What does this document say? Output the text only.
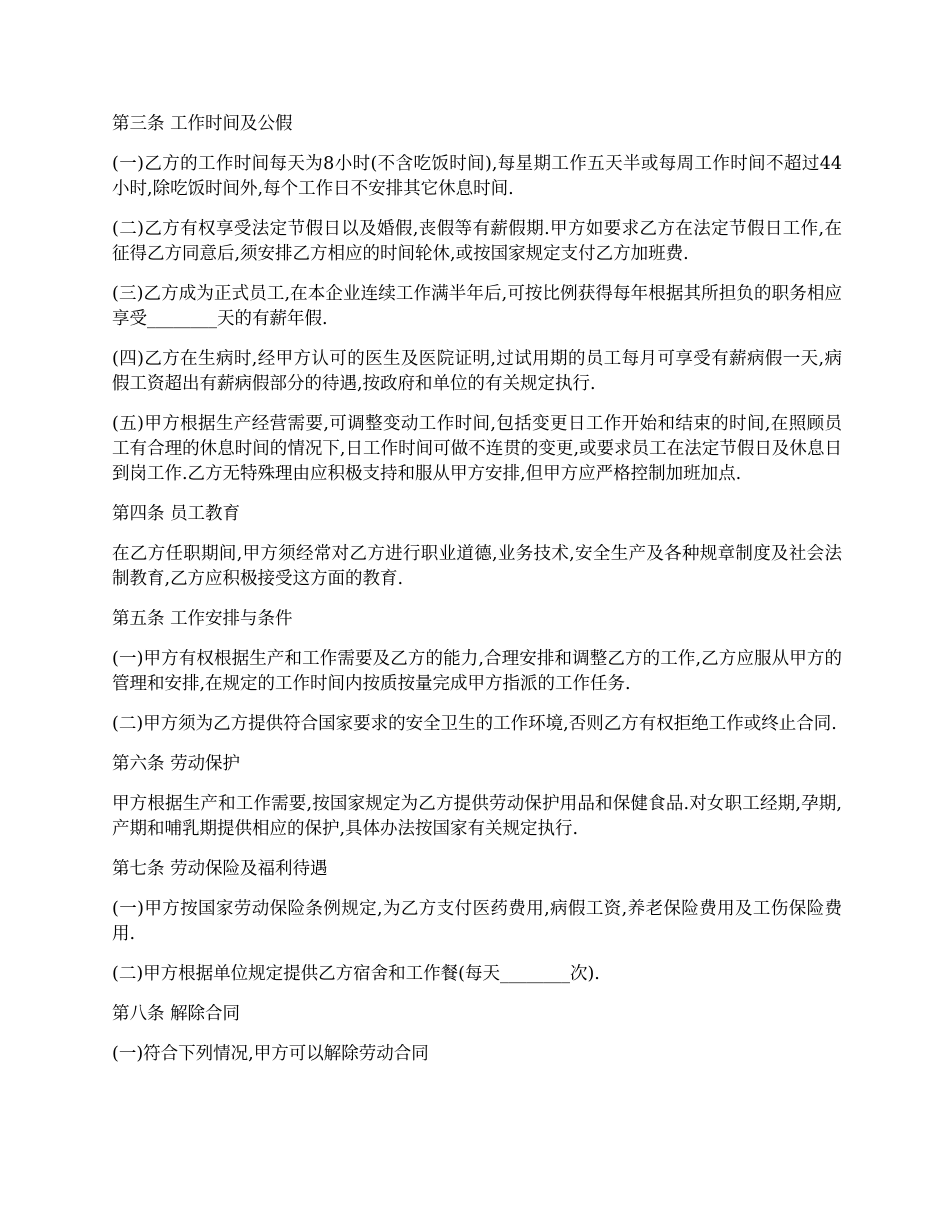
第三条 工作时间及公假

(一)乙方的工作时间每天为8小时(不含吃饭时间),每星期工作五天半或每周工作时间不超过44小时,除吃饭时间外,每个工作日不安排其它休息时间.

(二)乙方有权享受法定节假日以及婚假,丧假等有薪假期.甲方如要求乙方在法定节假日工作,在征得乙方同意后,须安排乙方相应的时间轮休,或按国家规定支付乙方加班费.

(三)乙方成为正式员工,在本企业连续工作满半年后,可按比例获得每年根据其所担负的职务相应享受________天的有薪年假.

(四)乙方在生病时,经甲方认可的医生及医院证明,过试用期的员工每月可享受有薪病假一天,病假工资超出有薪病假部分的待遇,按政府和单位的有关规定执行.

(五)甲方根据生产经营需要,可调整变动工作时间,包括变更日工作开始和结束的时间,在照顾员工有合理的休息时间的情况下,日工作时间可做不连贯的变更,或要求员工在法定节假日及休息日到岗工作.乙方无特殊理由应积极支持和服从甲方安排,但甲方应严格控制加班加点.

第四条 员工教育

在乙方任职期间,甲方须经常对乙方进行职业道德,业务技术,安全生产及各种规章制度及社会法制教育,乙方应积极接受这方面的教育.

第五条 工作安排与条件

(一)甲方有权根据生产和工作需要及乙方的能力,合理安排和调整乙方的工作,乙方应服从甲方的管理和安排,在规定的工作时间内按质按量完成甲方指派的工作任务.

(二)甲方须为乙方提供符合国家要求的安全卫生的工作环境,否则乙方有权拒绝工作或终止合同.

第六条 劳动保护

甲方根据生产和工作需要,按国家规定为乙方提供劳动保护用品和保健食品.对女职工经期,孕期,产期和哺乳期提供相应的保护,具体办法按国家有关规定执行.

第七条 劳动保险及福利待遇

(一)甲方按国家劳动保险条例规定,为乙方支付医药费用,病假工资,养老保险费用及工伤保险费用.

(二)甲方根据单位规定提供乙方宿舍和工作餐(每天________次).

第八条 解除合同

(一)符合下列情况,甲方可以解除劳动合同
